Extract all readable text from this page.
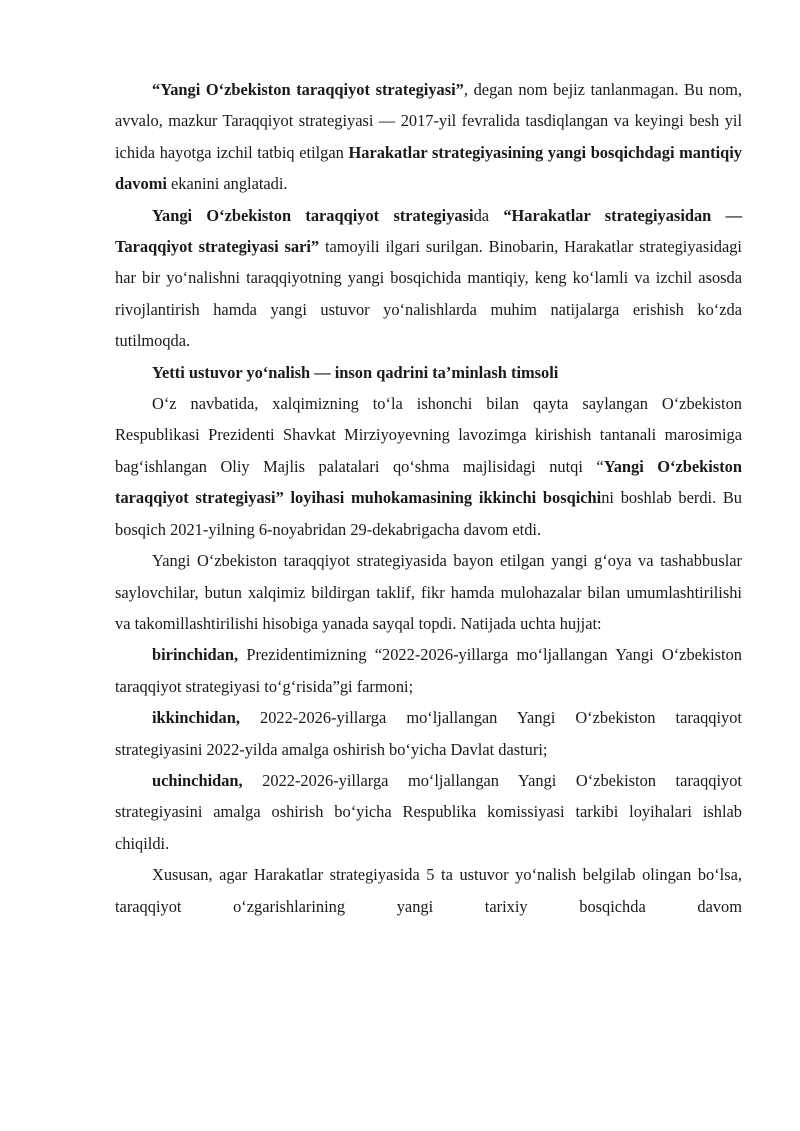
“Yangi O‘zbekiston taraqqiyot strategiyasi”, degan nom bejiz tanlanmagan. Bu nom, avvalo, mazkur Taraqqiyot strategiyasi — 2017-yil fevralida tasdiqlangan va keyingi besh yil ichida hayotga izchil tatbiq etilgan Harakatlar strategiyasining yangi bosqichdagi mantiqiy davomi ekanini anglatadi.

Yangi O‘zbekiston taraqqiyot strategiyasida “Harakatlar strategiyasidan — Taraqqiyot strategiyasi sari” tamoyili ilgari surilgan. Binobarin, Harakatlar strategiyasidagi har bir yo‘nalishni taraqqiyotning yangi bosqichida mantiqiy, keng ko‘lamli va izchil asosda rivojlantirish hamda yangi ustuvor yo‘nalishlarda muhim natijalarga erishish ko‘zda tutilmoqda.

Yetti ustuvor yo‘nalish — inson qadrini ta’minlash timsoli

O‘z navbatida, xalqimizning to‘la ishonchi bilan qayta saylangan O‘zbekiston Respublikasi Prezidenti Shavkat Mirziyoyevning lavozimga kirishish tantanali marosimiga bag‘ishlangan Oliy Majlis palatalari qo‘shma majlisidagi nutqi “Yangi O‘zbekiston taraqqiyot strategiyasi” loyihasi muhokamasining ikkinchi bosqichini boshlab berdi. Bu bosqich 2021-yilning 6-noyabridan 29-dekabrigacha davom etdi.

Yangi O‘zbekiston taraqqiyot strategiyasida bayon etilgan yangi g‘oya va tashabbuslar saylovchilar, butun xalqimiz bildirgan taklif, fikr hamda mulohazalar bilan umumlashtirilishi va takomillashtirilishi hisobiga yanada sayqal topdi. Natijada uchta hujjat:

birinchidan, Prezidentimizning “2022-2026-yillarga mo‘ljallangan Yangi O‘zbekiston taraqqiyot strategiyasi to‘g‘risida”gi farmoni;

ikkinchidan, 2022-2026-yillarga mo‘ljallangan Yangi O‘zbekiston taraqqiyot strategiyasini 2022-yilda amalga oshirish bo‘yicha Davlat dasturi;

uchinchidan, 2022-2026-yillarga mo‘ljallangan Yangi O‘zbekiston taraqqiyot strategiyasini amalga oshirish bo‘yicha Respublika komissiyasi tarkibi loyihalari ishlab chiqildi.

Xususan, agar Harakatlar strategiyasida 5 ta ustuvor yo‘nalish belgilab olingan bo‘lsa, taraqqiyot o‘zgarishlarining yangi tarixiy bosqichda davom
